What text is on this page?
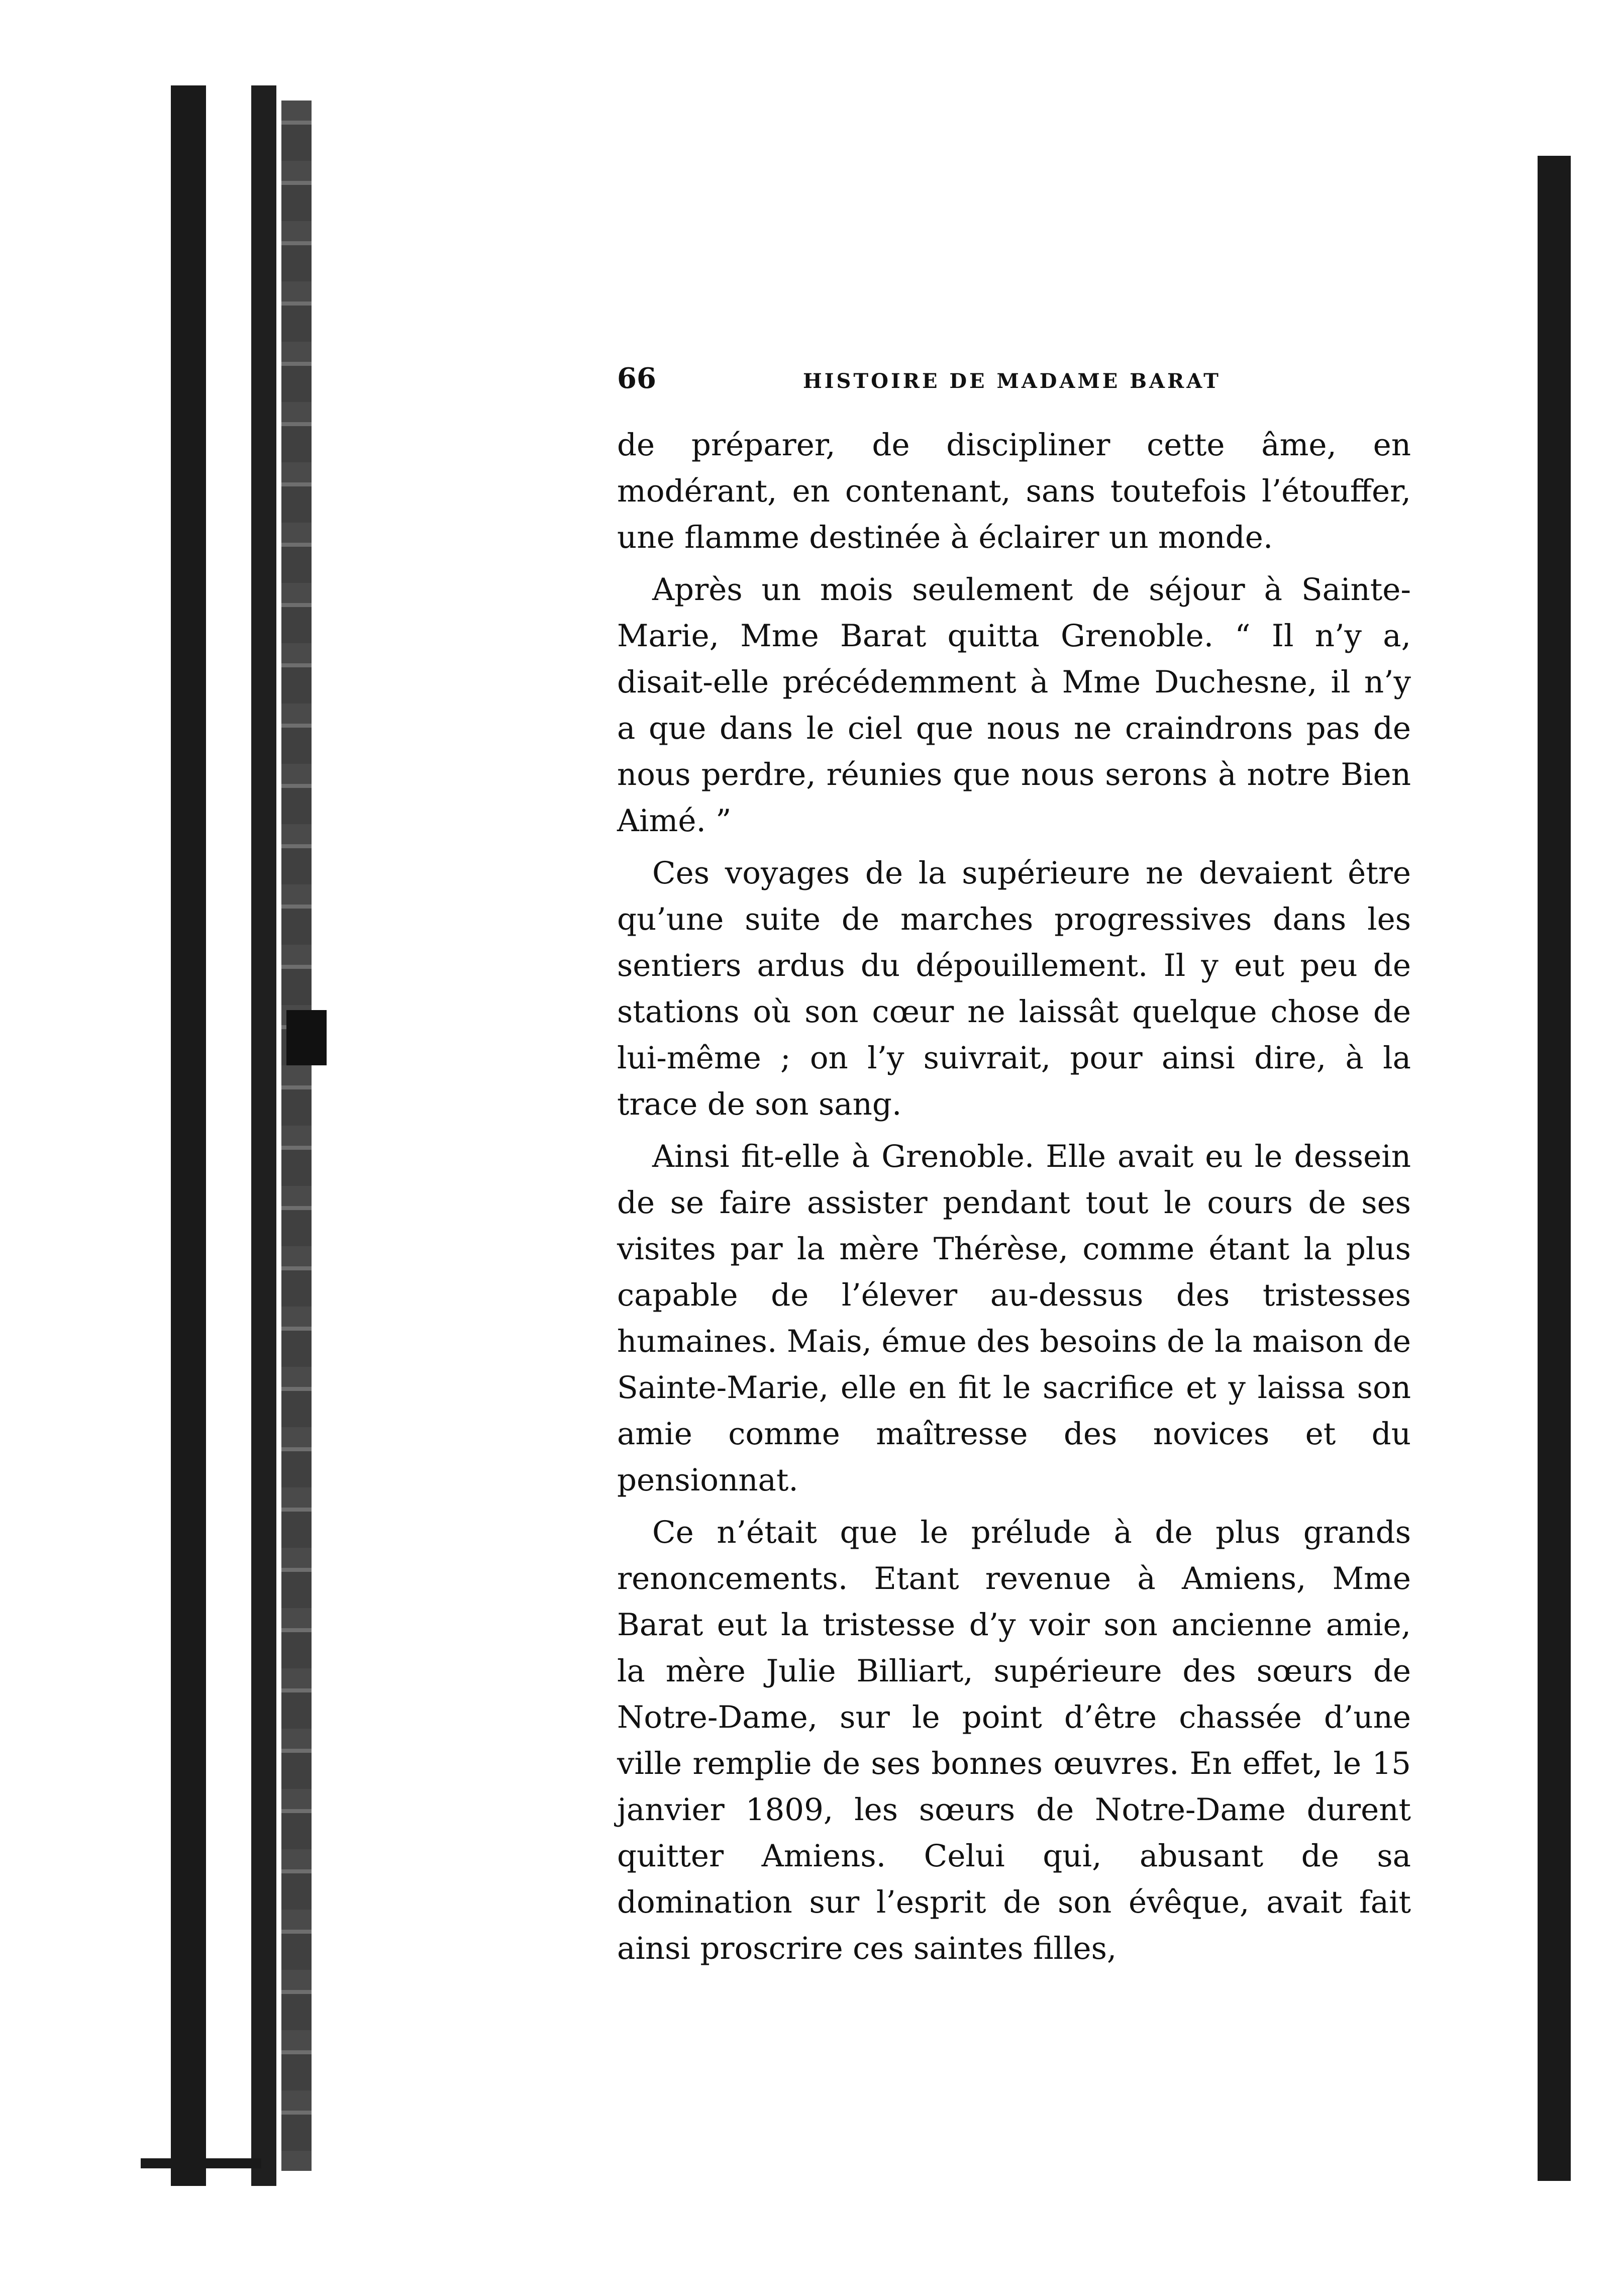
66	HISTOIRE DE MADAME BARAT

de préparer, de discipliner cette âme, en modérant, en contenant, sans toutefois l’étouffer, une flamme destinée à éclairer un monde.

Après un mois seulement de séjour à Sainte-Marie, Mme Barat quitta Grenoble. “ Il n’y a, disait-elle précédemment à Mme Duchesne, il n’y a que dans le ciel que nous ne craindrons pas de nous perdre, réunies que nous serons à notre Bien Aimé. ”

Ces voyages de la supérieure ne devaient être qu’une suite de marches progressives dans les sentiers ardus du dépouillement. Il y eut peu de stations où son cœur ne laissât quelque chose de lui-même ; on l’y suivrait, pour ainsi dire, à la trace de son sang.

Ainsi fit-elle à Grenoble. Elle avait eu le dessein de se faire assister pendant tout le cours de ses visites par la mère Thérèse, comme étant la plus capable de l’élever au-dessus des tristesses humaines. Mais, émue des besoins de la maison de Sainte-Marie, elle en fit le sacrifice et y laissa son amie comme maîtresse des novices et du pensionnat.

Ce n’était que le prélude à de plus grands renoncements. Etant revenue à Amiens, Mme Barat eut la tristesse d’y voir son ancienne amie, la mère Julie Billiart, supérieure des sœurs de Notre-Dame, sur le point d’être chassée d’une ville remplie de ses bonnes œuvres. En effet, le 15 janvier 1809, les sœurs de Notre-Dame durent quitter Amiens. Celui qui, abusant de sa domination sur l’esprit de son évêque, avait fait ainsi proscrire ces saintes filles,
